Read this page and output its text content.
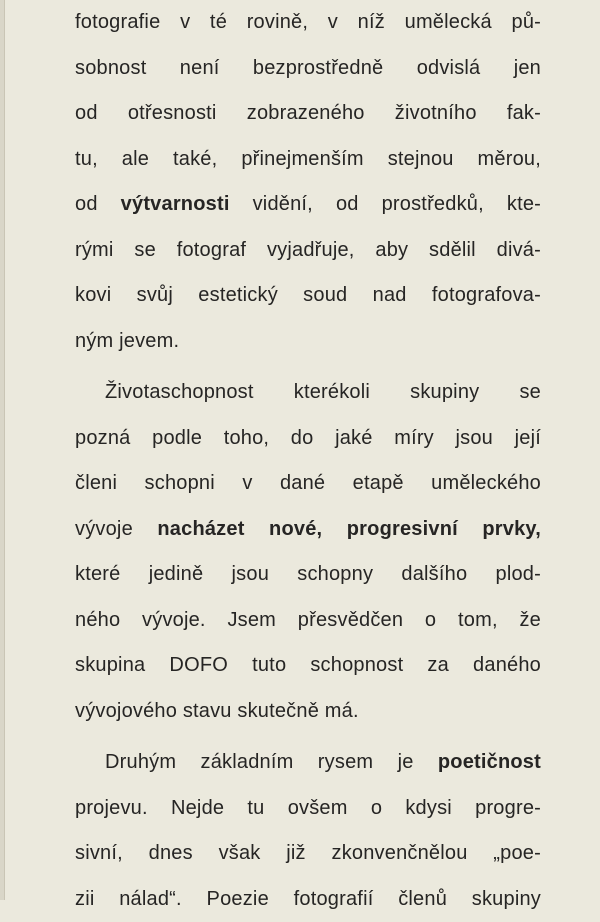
fotografie v té rovině, v níž umělecká pů-
sobnost není bezprostředně odvislá jen
od otřesnosti zobrazeného životního fak-
tu, ale také, přinejmenším stejnou měrou,
od výtvarnosti vidění, od prostředků, kte-
rými se fotograf vyjadřuje, aby sdělil divá-
kovi svůj estetický soud nad fotografova-
ným jevem.
Životaschopnost kterékoli skupiny se
pozná podle toho, do jaké míry jsou její
členi schopni v dané etapě uměleckého
vývoje nacházet nové, progresivní prvky,
které jedině jsou schopny dalšího plod-
ného vývoje. Jsem přesvědčen o tom, že
skupina DOFO tuto schopnost za daného
vývojového stavu skutečně má.
Druhým základním rysem je poetičnost
projevu. Nejde tu ovšem o kdysi progre-
sivní, dnes však již zkonvenčnělou „poe-
zii nálad“. Poezie fotografií členů skupiny
